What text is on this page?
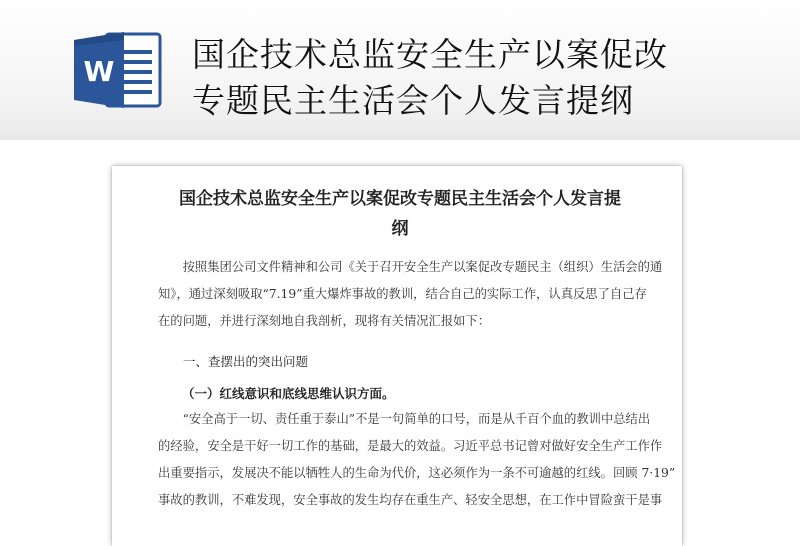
W 国企技术总监安全生产以案促改
专题民主生活会个人发言提纲
国企技术总监安全生产以案促改专题民主生活会个人发言提
纲
　　按照集团公司文件精神和公司《关于召开安全生产以案促改专题民主（组织）生活会的通
知》，通过深刻吸取“7.19”重大爆炸事故的教训，结合自己的实际工作，认真反思了自己存
在的问题，并进行深刻地自我剖析，现将有关情况汇报如下：
　　一、查摆出的突出问题
（一）红线意识和底线思维认识方面。
　　“安全高于一切、责任重于泰山”不是一句简单的口号，而是从千百个血的教训中总结出
的经验，安全是干好一切工作的基础，是最大的效益。习近平总书记曾对做好安全生产工作作
出重要指示，发展决不能以牺牲人的生命为代价，这必须作为一条不可逾越的红线。回顾 7·19”
事故的教训，不难发现，安全事故的发生均存在重生产、轻安全思想，在工作中冒险蛮干是事
